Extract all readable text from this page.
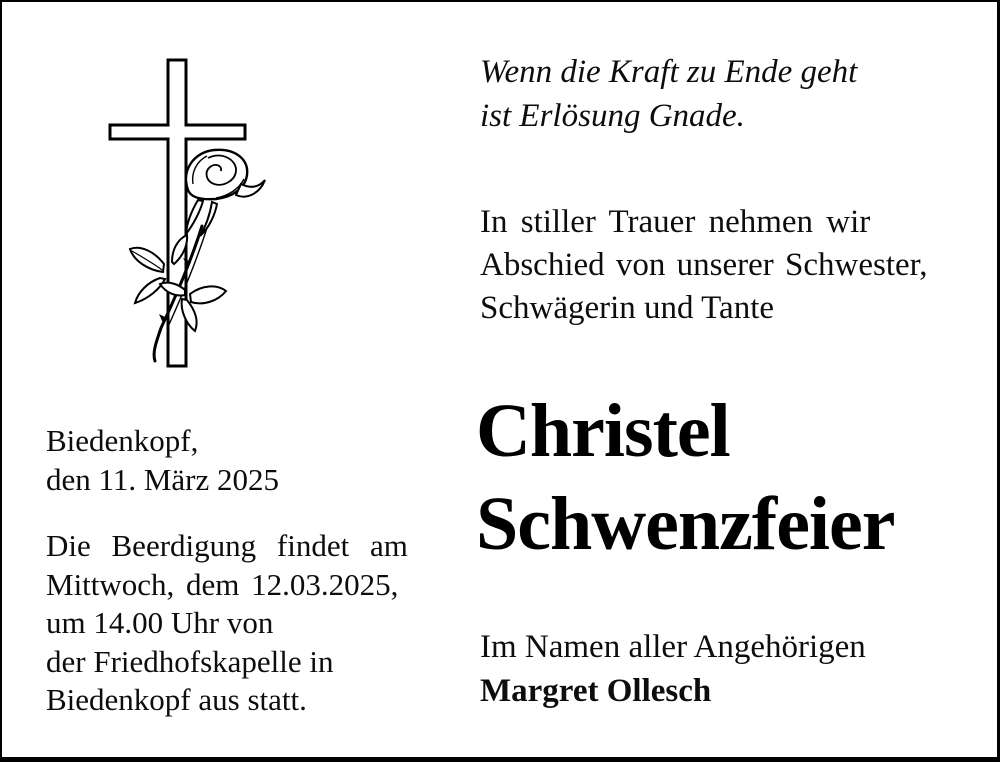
Wenn die Kraft zu Ende geht
ist Erlösung Gnade.
In stiller Trauer nehmen wir
Abschied von unserer Schwester,
Schwägerin und Tante
Christel
Schwenzfeier
Im Namen aller Angehörigen
Margret Ollesch
Biedenkopf,
den 11. März 2025
Die Beerdigung findet am
Mittwoch, dem 12.03.2025,
um 14.00 Uhr von
der Friedhofskapelle in
Biedenkopf aus statt.
